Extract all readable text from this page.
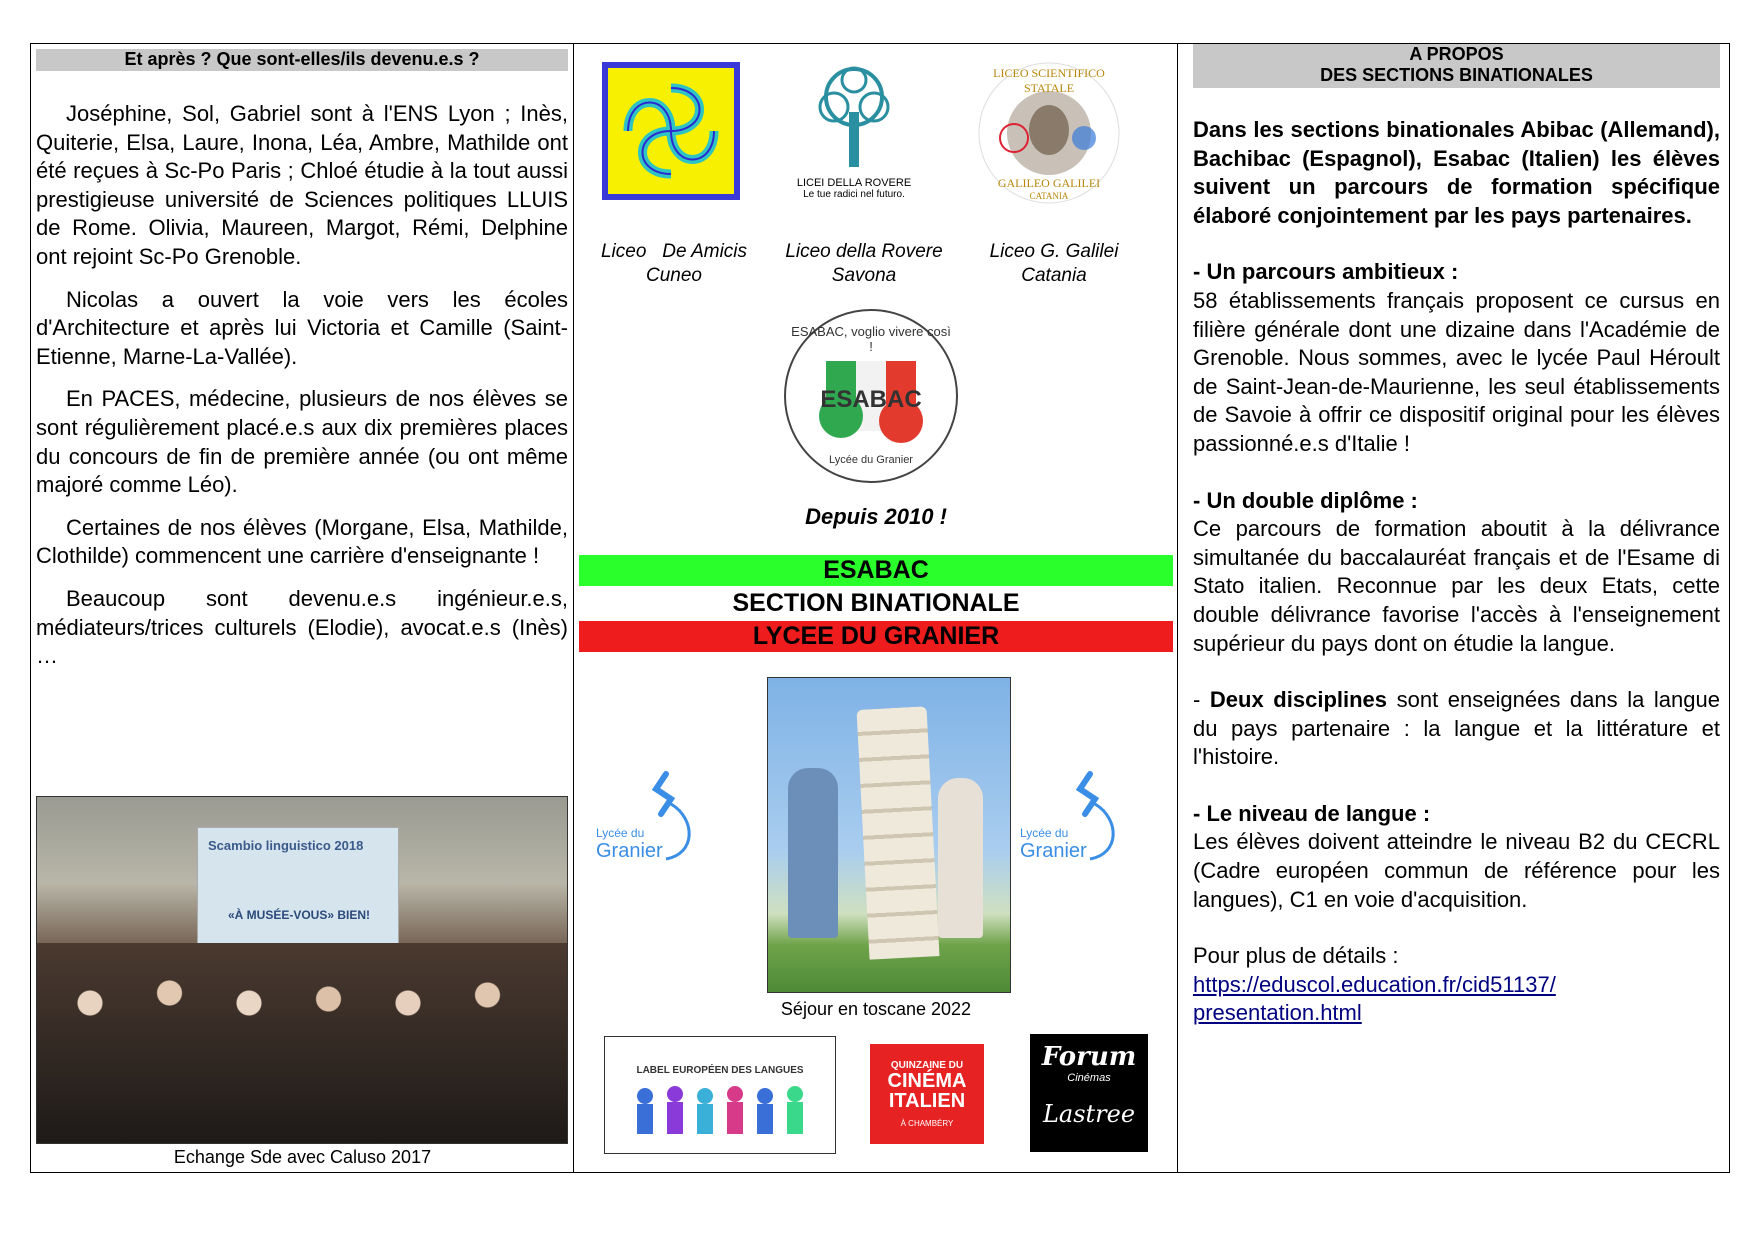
Et après ? Que sont-elles/ils devenu.e.s ?

Joséphine, Sol, Gabriel sont à l'ENS Lyon ; Inès, Quiterie, Elsa, Laure, Inona, Léa, Ambre, Mathilde ont été reçues à Sc-Po Paris ; Chloé étudie à la tout aussi prestigieuse université de Sciences politiques LLUIS de Rome. Olivia, Maureen, Margot, Rémi, Delphine ont rejoint Sc-Po Grenoble.

Nicolas a ouvert la voie vers les écoles d'Architecture et après lui Victoria et Camille (Saint-Etienne, Marne-La-Vallée).

En PACES, médecine, plusieurs de nos élèves se sont régulièrement placé.e.s aux dix premières places du concours de fin de première année (ou ont même majoré comme Léo).

Certaines de nos élèves (Morgane, Elsa, Mathilde, Clothilde) commencent une carrière d'enseignante !

Beaucoup sont devenu.e.s ingénieur.e.s, médiateurs/trices culturels (Elodie), avocat.e.s (Inès) …

Scambio linguistico 2018
«À MUSÉE-VOUS» BIEN!
Echange Sde avec Caluso 2017
LICEI DELLA ROVERE
Le tue radici nel futuro.
LICEO SCIENTIFICO STATALE
GALILEO GALILEI
CATANIA
Liceo   De Amicis
Cuneo
Liceo della Rovere
Savona
Liceo G. Galilei
Catania
ESABAC
ESABAC, voglio vivere così !
Lycée du Granier
Depuis 2010 !
ESABAC
SECTION BINATIONALE
LYCEE DU GRANIER
Lycée du
Granier
Lycée du
Granier
Séjour en toscane 2022
LABEL EUROPÉEN DES LANGUES	QUINZAINE DU
CINÉMA
ITALIEN
À CHAMBÉRY
Forum
Cinémas
Lastree
A PROPOS
DES SECTIONS BINATIONALES

Dans les sections binationales Abibac (Allemand), Bachibac (Espagnol), Esabac (Italien) les élèves suivent un parcours de formation spécifique élaboré conjointement par les pays partenaires.

- Un parcours ambitieux :
58 établissements français proposent ce cursus en filière générale dont une dizaine dans l'Académie de Grenoble. Nous sommes, avec le lycée Paul Héroult de Saint-Jean-de-Maurienne, les seul établissements de Savoie à offrir ce dispositif original pour les élèves passionné.e.s d'Italie !

- Un double diplôme :
Ce parcours de formation aboutit à la délivrance simultanée du baccalauréat français et de l'Esame di Stato italien. Reconnue par les deux Etats, cette double délivrance favorise l'accès à l'enseignement supérieur du pays dont on étudie la langue.

- Deux disciplines sont enseignées dans la langue du pays partenaire : la langue et la littérature et l'histoire.

- Le niveau de langue :
Les élèves doivent atteindre le niveau B2 du CECRL (Cadre européen commun de référence pour les langues), C1 en voie d'acquisition.

Pour plus de détails :
https://eduscol.education.fr/cid51137/
presentation.html
